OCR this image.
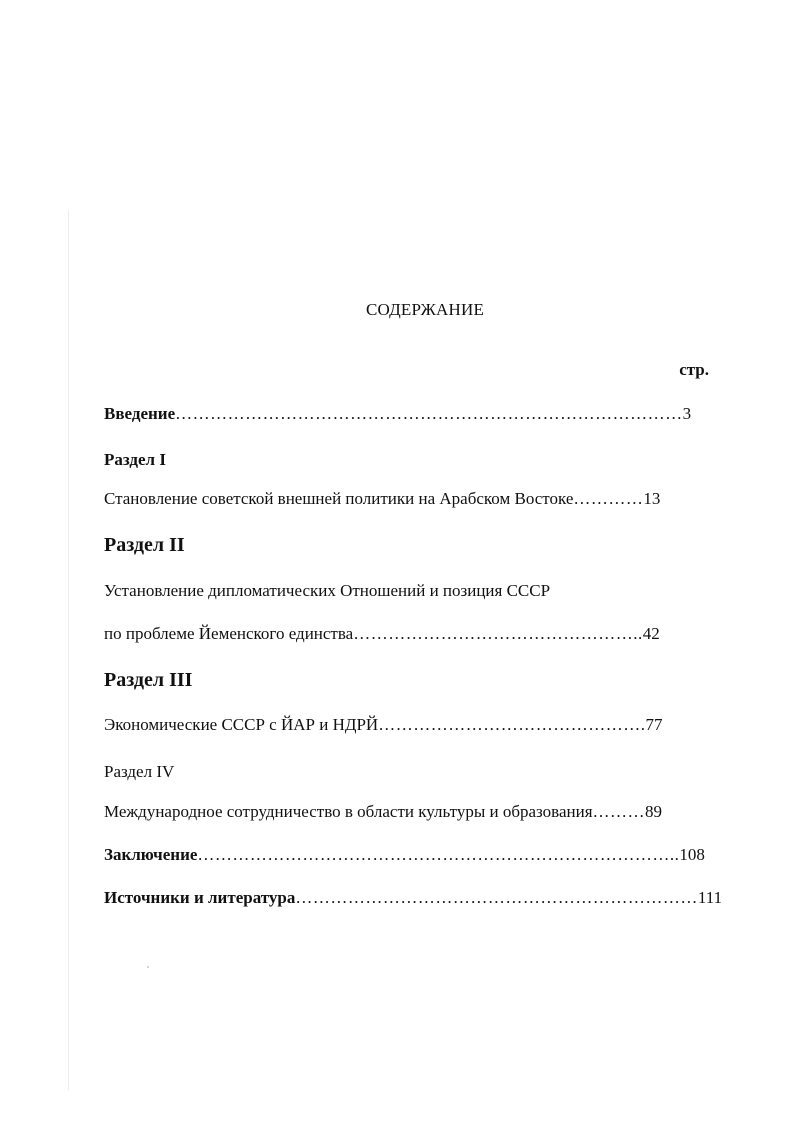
СОДЕРЖАНИЕ
стр.
Введение …………………………………………………………………………… 3
Раздел I
Становление советской внешней политики на Арабском Востоке ………… 13
Раздел II
Установление дипломатических Отношений и позиция СССР
по проблеме Йеменского единства ………………………………………….. 42
Раздел III
Экономические СССР с ЙАР и НДРЙ ………………………………………. 77
Раздел IV
Международное сотрудничество в области культуры и образования ……… 89
Заключение ……………………………………………………………………….. 108
Источники и литература …………………………………………………………… 111
